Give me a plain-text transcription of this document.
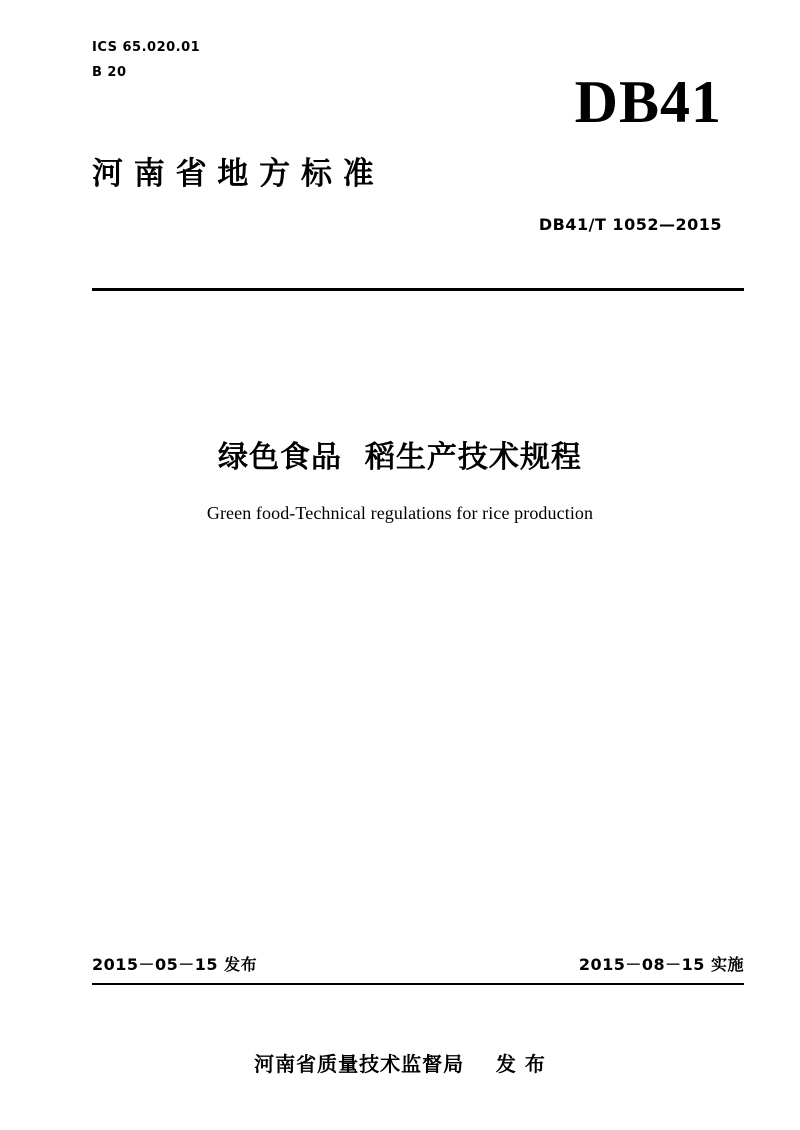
ICS 65.020.01
B 20	DB41
河 南 省 地 方 标 准
DB41/T 1052—2015
绿色食品  稻生产技术规程
Green food-Technical regulations for rice production
2015－05－15 发布	2015－08－15 实施
河南省质量技术监督局    发 布
